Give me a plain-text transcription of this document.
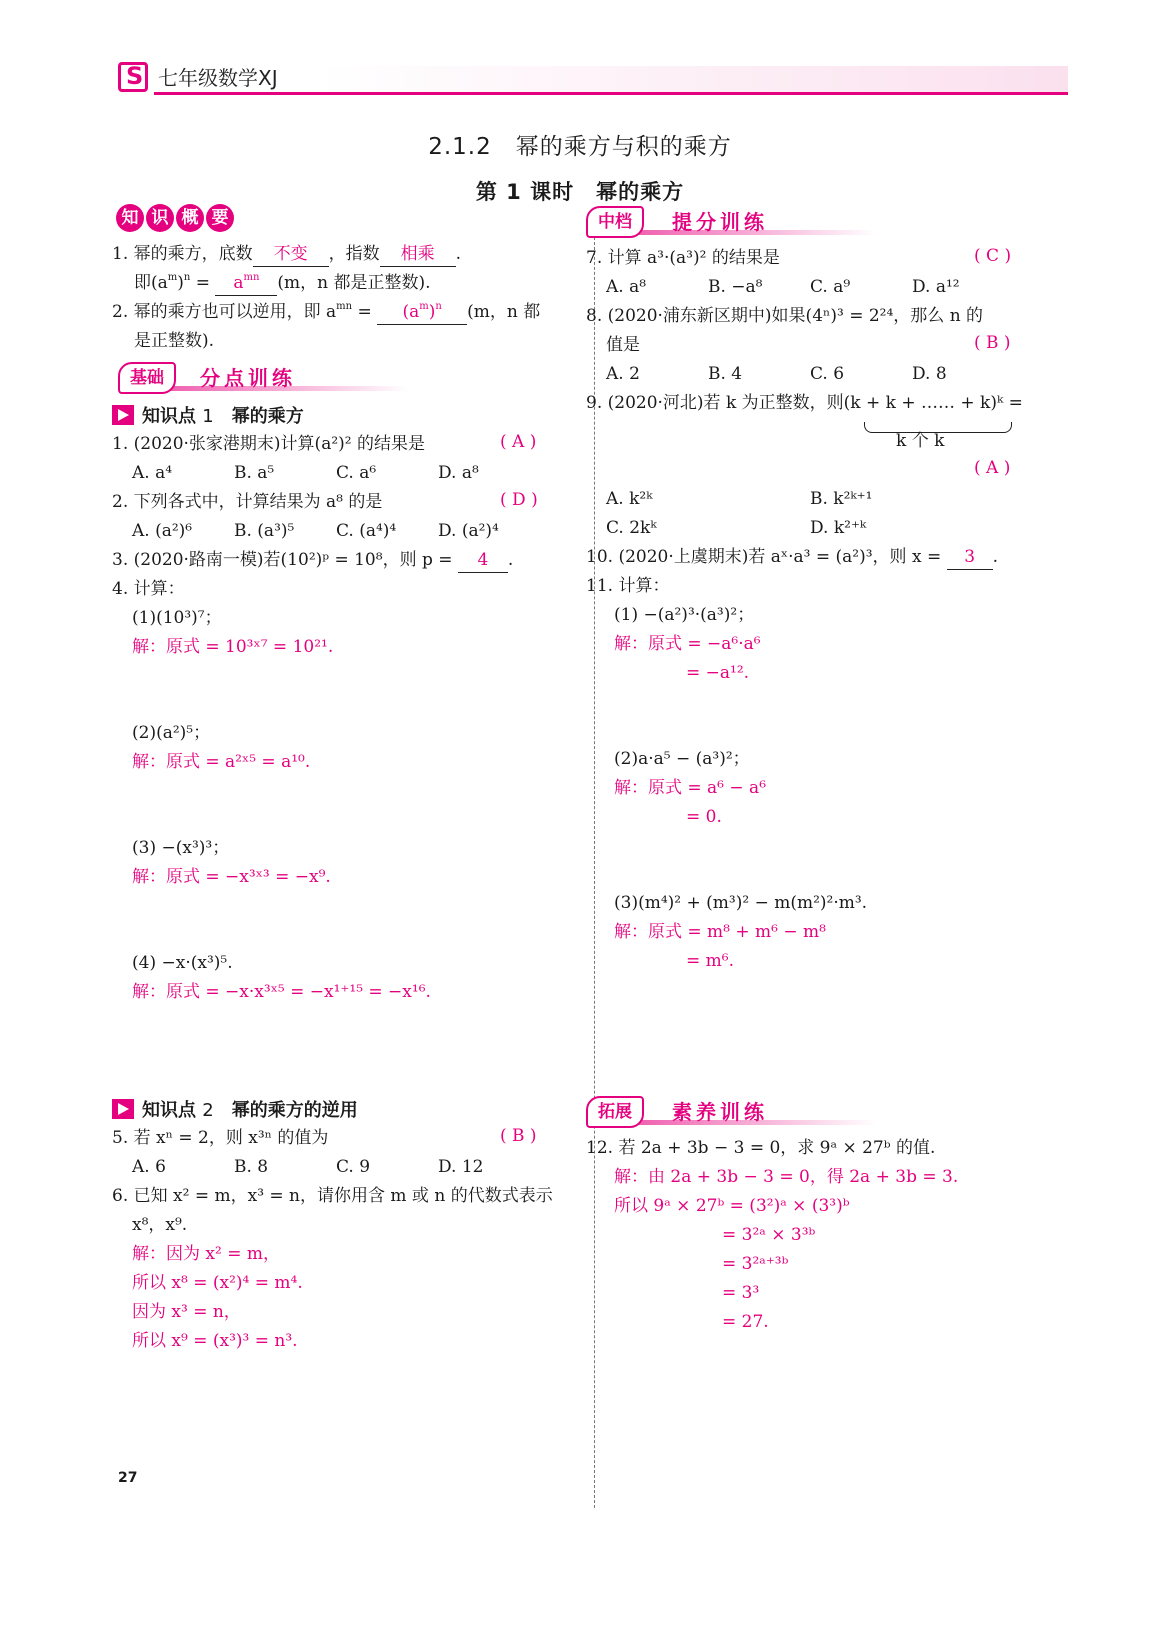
S
七年级数学XJ
2.1.2　幂的乘方与积的乘方
第 1 课时　幂的乘方
知 识 概 要
1. 幂的乘方，底数 不变 ，指数 相乘 .
即$(a^m)^n = a^{mn}$ (m，n 都是正整数).
2. 幂的乘方也可以逆用，即 $a^{mn} = (a^m)^n$ (m，n 都
是正整数).
基础	分点训练
知识点 1　 幂的乘方
1. (2020·张家港期末)计算(a²)² 的结果是	( A )
A. a⁴	B. a⁵	C. a⁶	D. a⁸
2. 下列各式中，计算结果为 a⁸ 的是	( D )
A. (a²)⁶ B. (a³)⁵ C. (a⁴)⁴ D. (a²)⁴
3. (2020·路南一模)若(10²)ᵖ = 10⁸，则 p = 4 .
4. 计算：
(1)(10³)⁷；
解：原式 = 10³ˣ⁷ = 10²¹.
(2)(a²)⁵；
解：原式 = a²ˣ⁵ = a¹⁰.
(3) −(x³)³；
解：原式 = −x³ˣ³ = −x⁹.
(4) −x·(x³)⁵.
解：原式 = −x·x³ˣ⁵ = −x¹⁺¹⁵ = −x¹⁶.
知识点 2　 幂的乘方的逆用
5. 若 xⁿ = 2，则 x³ⁿ 的值为	( B )
A. 6	B. 8	C. 9	D. 12
6. 已知 x² = m，x³ = n，请你用含 m 或 n 的代数式表示
x⁸，x⁹.
解：因为 x² = m，
所以 x⁸ = (x²)⁴ = m⁴.
因为 x³ = n，
所以 x⁹ = (x³)³ = n³.
中档	提分训练
7. 计算 a³·(a³)² 的结果是	( C )
A. a⁸	B. −a⁸	C. a⁹	D. a¹²
8. (2020·浦东新区期中)如果(4ⁿ)³ = 2²⁴，那么 n 的
值是	( B )
A. 2	B. 4	C. 6	D. 8
9. (2020·河北)若 k 为正整数，则(k + k + …… + k)ᵏ =
k 个 k
( A )
A. k²ᵏ	B. k²ᵏ⁺¹
C. 2kᵏ	D. k²⁺ᵏ
10. (2020·上虞期末)若 aˣ·a³ = (a²)³，则 x = 3 .
11. 计算：
(1) −(a²)³·(a³)²；
解：原式 = −a⁶·a⁶
= −a¹².
(2)a·a⁵ − (a³)²；
解：原式 = a⁶ − a⁶
= 0.
(3)(m⁴)² + (m³)² − m(m²)²·m³.
解：原式 = m⁸ + m⁶ − m⁸
= m⁶.
拓展	素养训练
12. 若 2a + 3b − 3 = 0，求 9ᵃ × 27ᵇ 的值.
解：由 2a + 3b − 3 = 0，得 2a + 3b = 3.
所以 9ᵃ × 27ᵇ = (3²)ᵃ × (3³)ᵇ
= 3²ᵃ × 3³ᵇ
= 3²ᵃ⁺³ᵇ
= 3³
= 27.
27
